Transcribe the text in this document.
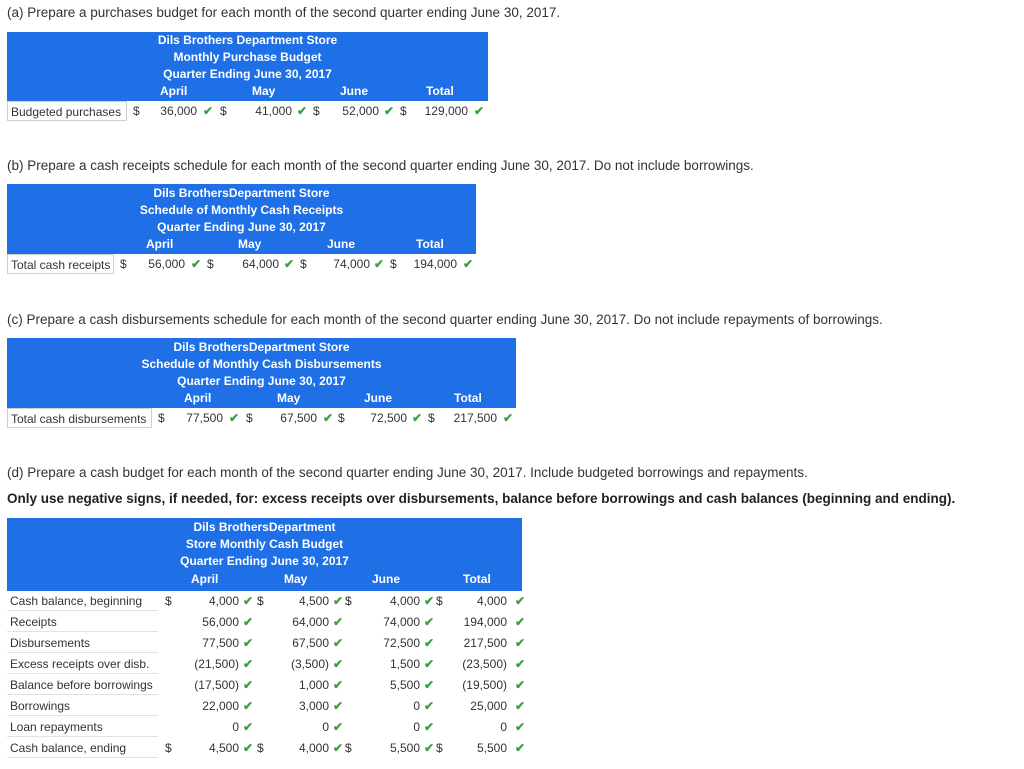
(a) Prepare a purchases budget for each month of the second quarter ending June 30, 2017.
Dils Brothers Department Store
Monthly Purchase Budget
Quarter Ending June 30, 2017
April	May	June	Total
Budgeted purchases $	36,000 ✔ $	41,000 ✔ $	52,000 ✔ $	129,000 ✔
(b) Prepare a cash receipts schedule for each month of the second quarter ending June 30, 2017. Do not include borrowings.
Dils BrothersDepartment Store
Schedule of Monthly Cash Receipts
Quarter Ending June 30, 2017
April	May	June	Total
Total cash receipts $	56,000 ✔ $	64,000 ✔ $	74,000 ✔ $	194,000 ✔
(c) Prepare a cash disbursements schedule for each month of the second quarter ending June 30, 2017. Do not include repayments of borrowings.
Dils BrothersDepartment Store
Schedule of Monthly Cash Disbursements
Quarter Ending June 30, 2017
April	May	June	Total
Total cash disbursements $	77,500 ✔ $	67,500 ✔ $	72,500 ✔ $	217,500 ✔
(d) Prepare a cash budget for each month of the second quarter ending June 30, 2017. Include budgeted borrowings and repayments.
Only use negative signs, if needed, for: excess receipts over disbursements, balance before borrowings and cash balances (beginning and ending).
Dils BrothersDepartment
Store Monthly Cash Budget
Quarter Ending June 30, 2017
April	May	June	Total
Cash balance, beginning	$	4,000 ✔ $	4,500 ✔ $	4,000 ✔ $	4,000 ✔
Receipts	56,000 ✔	64,000 ✔	74,000 ✔	194,000 ✔
Disbursements	77,500 ✔	67,500 ✔	72,500 ✔	217,500 ✔
Excess receipts over disb.	(21,500) ✔	(3,500) ✔	1,500 ✔	(23,500) ✔
Balance before borrowings	(17,500) ✔	1,000 ✔	5,500 ✔	(19,500) ✔
Borrowings	22,000 ✔	3,000 ✔	0 ✔	25,000 ✔
Loan repayments	0 ✔	0 ✔	0 ✔	0 ✔
Cash balance, ending	$	4,500 ✔ $	4,000 ✔ $	5,500 ✔ $	5,500 ✔
